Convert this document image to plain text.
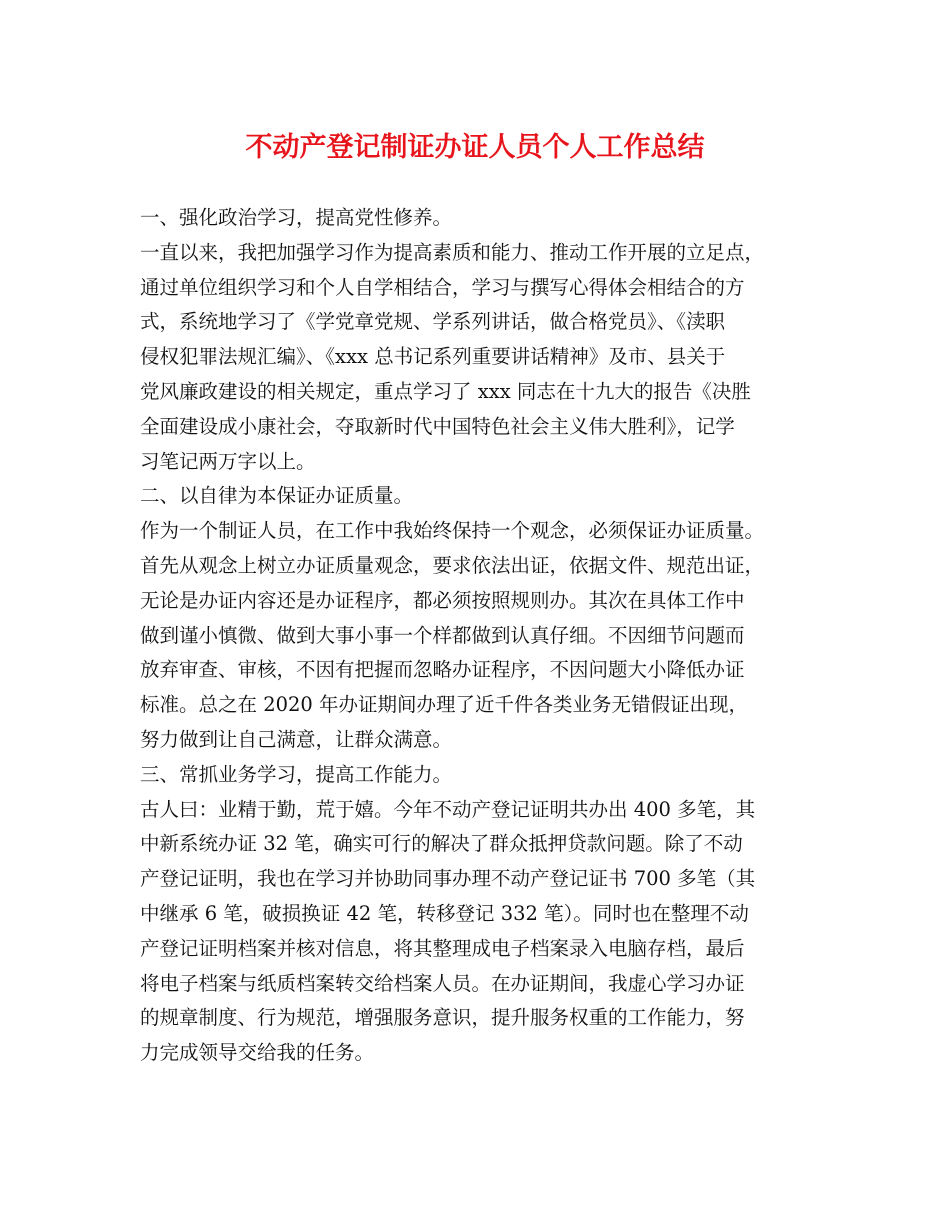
不动产登记制证办证人员个人工作总结
一、强化政治学习，提高党性修养。
一直以来，我把加强学习作为提高素质和能力、推动工作开展的立足点，
通过单位组织学习和个人自学相结合，学习与撰写心得体会相结合的方
式，系统地学习了《学党章党规、学系列讲话，做合格党员》、《渎职
侵权犯罪法规汇编》、《xxx 总书记系列重要讲话精神》及市、县关于
党风廉政建设的相关规定，重点学习了 xxx 同志在十九大的报告《决胜
全面建设成小康社会，夺取新时代中国特色社会主义伟大胜利》，记学
习笔记两万字以上。
二、以自律为本保证办证质量。
作为一个制证人员，在工作中我始终保持一个观念，必须保证办证质量。
首先从观念上树立办证质量观念，要求依法出证，依据文件、规范出证，
无论是办证内容还是办证程序，都必须按照规则办。其次在具体工作中
做到谨小慎微、做到大事小事一个样都做到认真仔细。不因细节问题而
放弃审查、审核，不因有把握而忽略办证程序，不因问题大小降低办证
标准。总之在 2020 年办证期间办理了近千件各类业务无错假证出现，
努力做到让自己满意，让群众满意。
三、常抓业务学习，提高工作能力。
古人曰：业精于勤，荒于嬉。今年不动产登记证明共办出 400 多笔，其
中新系统办证 32 笔，确实可行的解决了群众抵押贷款问题。除了不动
产登记证明，我也在学习并协助同事办理不动产登记证书 700 多笔（其
中继承 6 笔，破损换证 42 笔，转移登记 332 笔）。同时也在整理不动
产登记证明档案并核对信息，将其整理成电子档案录入电脑存档，最后
将电子档案与纸质档案转交给档案人员。在办证期间，我虚心学习办证
的规章制度、行为规范，增强服务意识，提升服务权重的工作能力，努
力完成领导交给我的任务。
